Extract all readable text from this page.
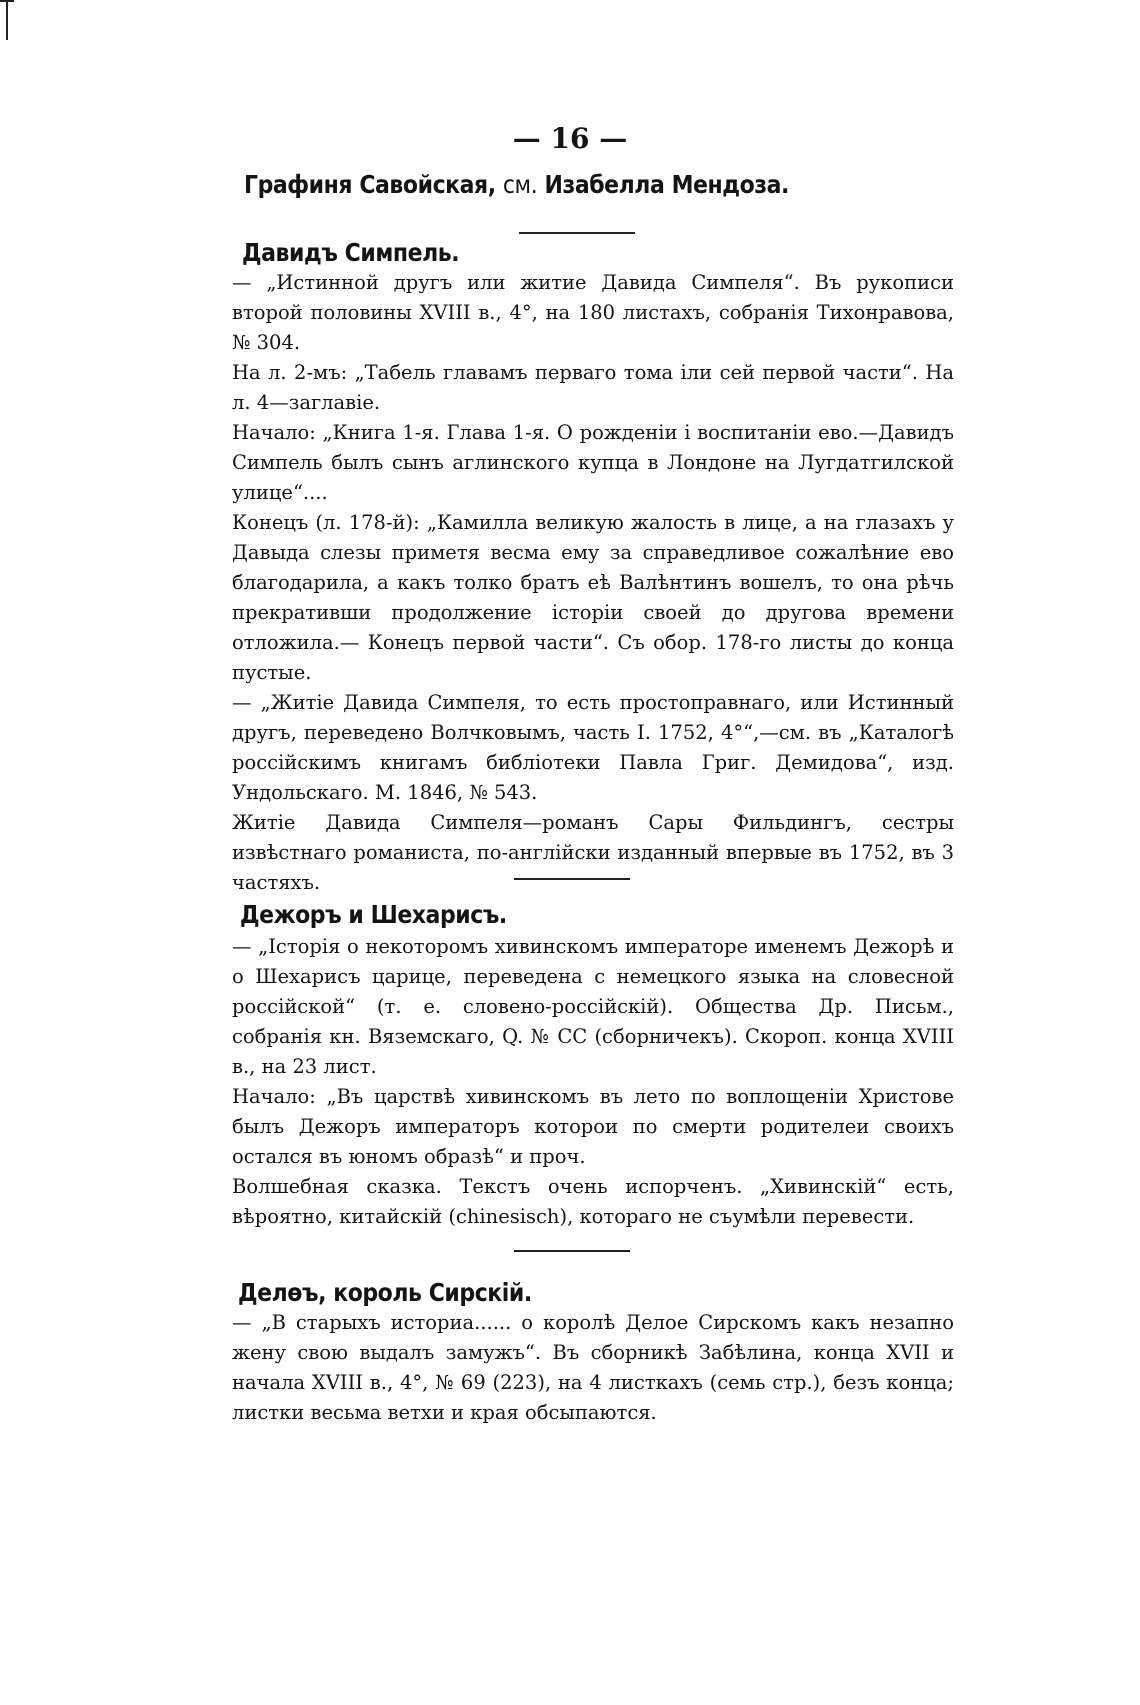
— 16 —
Графиня Савойская, см. Изабелла Мендоза.
Давидъ Симпель.

— „Истинной другъ или житие Давида Симпеля“. Въ рукописи второй половины XVIII в., 4°, на 180 листахъ, собранія Тихонравова, № 304.

На л. 2-мъ: „Табель главамъ перваго тома іли сей первой части“. На л. 4—заглавіе.

Начало: „Книга 1-я. Глава 1-я. О рожденіи і воспитаніи ево.—Давидъ Симпель былъ сынъ аглинского купца в Лондоне на Лугдатгилской улице“....

Конецъ (л. 178-й): „Камилла великую жалость в лице, а на глазахъ у Давыда слезы приметя весма ему за справедливое сожалѣние ево благодарила, а какъ толко братъ eѣ Валѣнтинъ вошелъ, то она рѣчь прекративши продолжение історіи своей до другова времени отложила.— Конецъ первой части“. Съ обор. 178-го листы до конца пустые.

— „Житіе Давида Симпеля, то есть простоправнаго, или Истинный другъ, переведено Волчковымъ, часть I. 1752, 4°“,—см. въ „Каталогѣ россійскимъ книгамъ библіотеки Павла Григ. Демидова“, изд. Ундольскаго. М. 1846, № 543.

Житіе Давида Симпеля—романъ Сары Фильдингъ, сестры извѣстнаго романиста, по-англійски изданный впервые въ 1752, въ 3 частяхъ.

Дежоръ и Шехарисъ.

— „Історія о некоторомъ хивинскомъ императоре именемъ Дежорѣ и о Шехарисъ царице, переведена с немецкого языка на словесной россійской“ (т. е. словено-россійскій). Общества Др. Письм., собранія кн. Вяземскаго, Q. № CC (сборничекъ). Скороп. конца XVIII в., на 23 лист.

Начало: „Въ царствѣ хивинскомъ въ лето по воплощеніи Христове былъ Дежоръ императоръ которои по смерти родителеи своихъ остался въ юномъ образѣ“ и проч.

Волшебная сказка. Текстъ очень испорченъ. „Хивинскій“ есть, вѣроятно, китайскій (chinesisch), котораго не съумѣли перевести.

Делөъ, король Сирскій.

— „В старыхъ историа...... о королѣ Делое Сирскомъ какъ незапно жену свою выдалъ замужъ“. Въ сборникѣ Забѣлина, конца XVII и начала XVIII в., 4°, № 69 (223), на 4 листкахъ (семь стр.), безъ конца; листки весьма ветхи и края обсыпаются.
